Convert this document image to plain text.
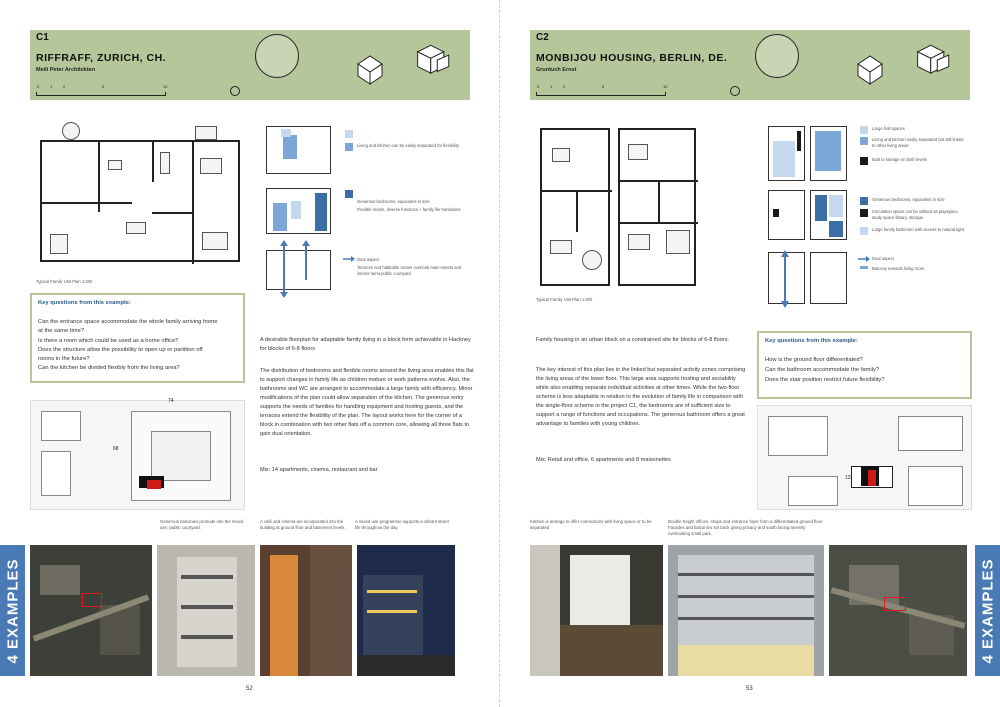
C1
RIFFRAFF, ZURICH, CH.
Meili Peter Architekten
0	1	2	5	10
Typical Family Unit Plan 1:200
Living and kitchen can be easily separated for flexibility
Generous bedrooms, equivalent in size
Flexible rooms, diverse functions + family life transitions
Dual aspect
Terraces and habitable rooms overlook main streets and interior semi-public courtyard
Key questions from this example:
Can the entrance space accommodate the whole family arriving home
at the same time?
Is there a room which could be used as a home office?
Does the structure allow the possibility to open up or partition off
rooms in the future?
Can the kitchen be divided flexibly from the living area?
74
68
A desirable floorplan for adaptable family living in a block form achievable in Hackney for blocks of 6-8 floors
The distribution of bedrooms and flexible rooms around the living area enables this flat to support changes in family life as children mature or work patterns evolve. Also, the bathrooms and WC are arranged to accommodate a large family with efficiency. Minor modifications of the plan could allow separation of the kitchen. The generous entry supports the needs of families for handling equipment and hosting guests, and the terraces extend the flexibility of the plan. The layout works here for the corner of a block in combination with two other flats off a common core, allowing all three flats to gain dual orientation.
Mix: 14 apartments, cinema, restaurant and bar
Generous balconies protrude into the mixed use, public courtyard.
A café and cinema are incorporated into the building at ground floor and basement levels.
A mixed use programme supports a vibrant street life throughout the day.
4 EXAMPLES
52
C2
MONBIJOU HOUSING, BERLIN, DE.
Gruntuch Ernst
0	1	2	5	10
Typical Family Unit Plan 1:200
Large hall spaces
Living and kitchen easily separated but still linked to other living areas
Built in storage on both levels
Generous bedrooms, equivalent in size
Circulation space can be utilised as playspace, study space library, storage.
Large family bathroom with access to natural light.
Dual aspect
Balcony extends living room.
Family housing in an urban block on a constrained site for blocks of 6-8 floors.
The key interest of this plan lies in the linked but separated activity zones comprising the living areas of the lower floor. This large area supports hosting and sociability while also enabling separate individual activities at other times. While the two-floor scheme is less adaptable in relation to the evolution of family life in comparison with the single-floor scheme in the project C1, the bedrooms are of sufficient size to support a range of functions and occupations. The generous bathroom offers a great advantage to families with young children.
Mix: Retail and office, 6 apartments and 8 maisonettes
Key questions from this example:
How is the ground floor differentiated?
Can the bathroom accommodate the family?
Does the stair position restrict future flexibility?
13
Kitchen is arrange to offer connections with living space or to be separated
Double height offices, shops and entrance foyer form a differentiated ground floor. Facades and balconies set back giving privacy and south facing amenity overlooking small park.
4 EXAMPLES
53
